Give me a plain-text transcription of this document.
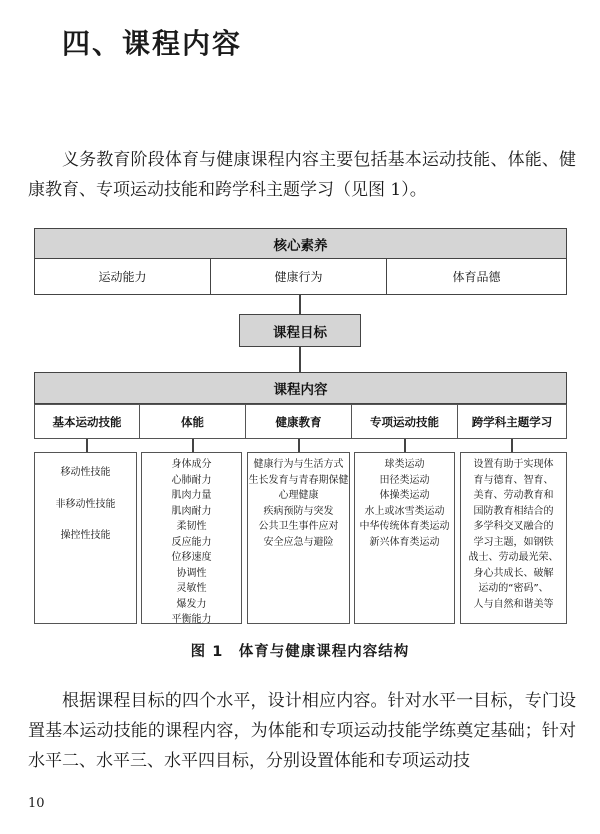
四、课程内容

义务教育阶段体育与健康课程内容主要包括基本运动技能、体能、健康教育、专项运动技能和跨学科主题学习（见图 1）。

核心素养
运动能力	健康行为	体育品德
课程目标
课程内容
基本运动技能	体能	健康教育	专项运动技能	跨学科主题学习
移动性技能
非移动性技能
操控性技能
身体成分
心肺耐力
肌肉力量
肌肉耐力
柔韧性
反应能力
位移速度
协调性
灵敏性
爆发力
平衡能力
健康行为与生活方式
生长发育与青春期保健
心理健康
疾病预防与突发
公共卫生事件应对
安全应急与避险
球类运动
田径类运动
体操类运动
水上或冰雪类运动
中华传统体育类运动
新兴体育类运动
设置有助于实现体
育与德育、智育、
美育、劳动教育和
国防教育相结合的
多学科交叉融合的
学习主题，如钢铁
战士、劳动最光荣、
身心共成长、破解
运动的“密码”、
人与自然和谐美等
图 1　体育与健康课程内容结构

根据课程目标的四个水平，设计相应内容。针对水平一目标，专门设置基本运动技能的课程内容，为体能和专项运动技能学练奠定基础；针对水平二、水平三、水平四目标，分别设置体能和专项运动技

10
